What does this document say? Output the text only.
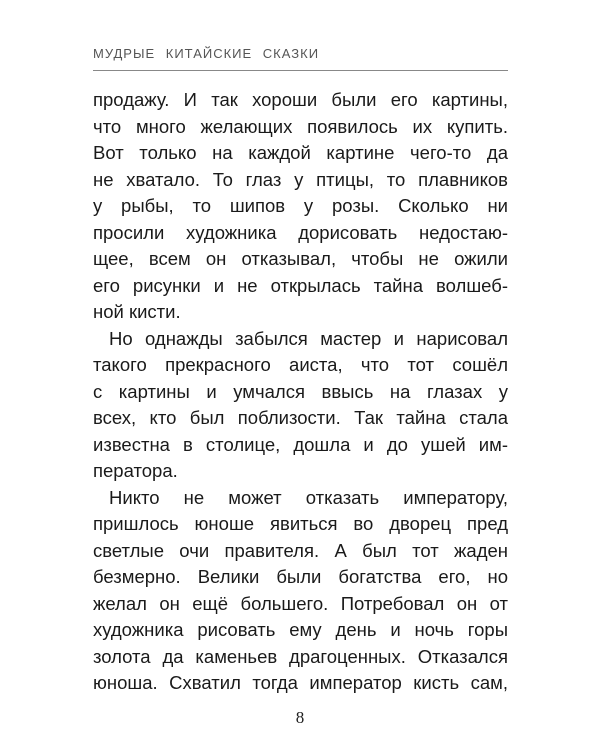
МУДРЫЕ КИТАЙСКИЕ СКАЗКИ
продажу. И так хороши были его картины,
что много желающих появилось их купить.
Вот только на каждой картине чего-то да
не хватало. То глаз у птицы, то плавников
у рыбы, то шипов у розы. Сколько ни
просили художника дорисовать недостаю-
щее, всем он отказывал, чтобы не ожили
его рисунки и не открылась тайна волшеб-
ной кисти.
Но однажды забылся мастер и нарисовал
такого прекрасного аиста, что тот сошёл
с картины и умчался ввысь на глазах у
всех, кто был поблизости. Так тайна стала
известна в столице, дошла и до ушей им-
ператора.
Никто не может отказать императору,
пришлось юноше явиться во дворец пред
светлые очи правителя. А был тот жаден
безмерно. Велики были богатства его, но
желал он ещё большего. Потребовал он от
художника рисовать ему день и ночь горы
золота да каменьев драгоценных. Отказался
юноша. Схватил тогда император кисть сам,
8
